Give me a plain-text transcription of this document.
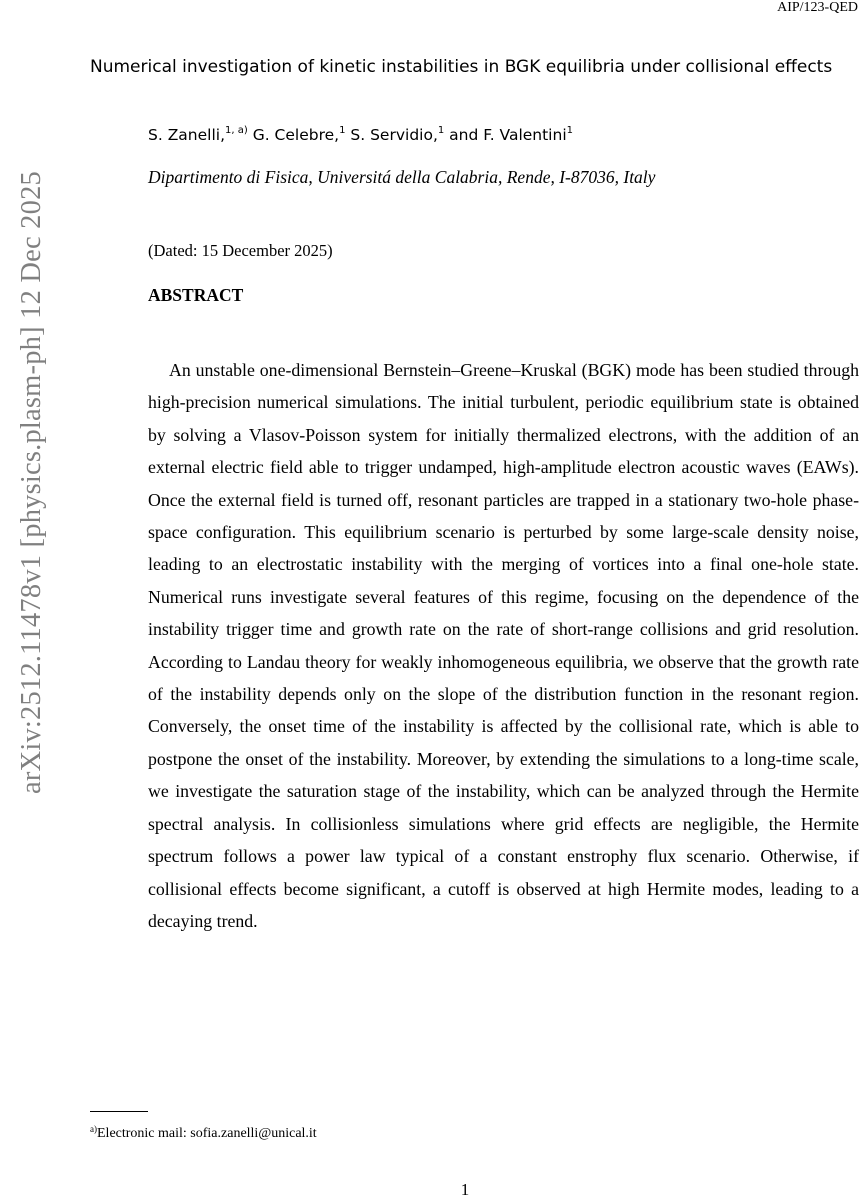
AIP/123-QED
arXiv:2512.11478v1 [physics.plasm-ph] 12 Dec 2025
Numerical investigation of kinetic instabilities in BGK equilibria under collisional effects
S. Zanelli,$^{1, a)}$ G. Celebre,$^1$ S. Servidio,$^1$ and F. Valentini$^1$
Dipartimento di Fisica, Universitá della Calabria, Rende, I-87036, Italy
(Dated: 15 December 2025)
ABSTRACT
An unstable one-dimensional Bernstein–Greene–Kruskal (BGK) mode has been studied through high-precision numerical simulations. The initial turbulent, periodic equilibrium state is obtained by solving a Vlasov-Poisson system for initially thermalized electrons, with the addition of an external electric field able to trigger undamped, high-amplitude electron acoustic waves (EAWs). Once the external field is turned off, resonant particles are trapped in a stationary two-hole phase-space configuration. This equilibrium scenario is perturbed by some large-scale density noise, leading to an electrostatic instability with the merging of vortices into a final one-hole state. Numerical runs investigate several features of this regime, focusing on the dependence of the instability trigger time and growth rate on the rate of short-range collisions and grid resolution. According to Landau theory for weakly inhomogeneous equilibria, we observe that the growth rate of the instability depends only on the slope of the distribution function in the resonant region. Conversely, the onset time of the instability is affected by the collisional rate, which is able to postpone the onset of the instability. Moreover, by extending the simulations to a long-time scale, we investigate the saturation stage of the instability, which can be analyzed through the Hermite spectral analysis. In collisionless simulations where grid effects are negligible, the Hermite spectrum follows a power law typical of a constant enstrophy flux scenario. Otherwise, if collisional effects become significant, a cutoff is observed at high Hermite modes, leading to a decaying trend.
$^{a)}$Electronic mail: sofia.zanelli@unical.it
1
